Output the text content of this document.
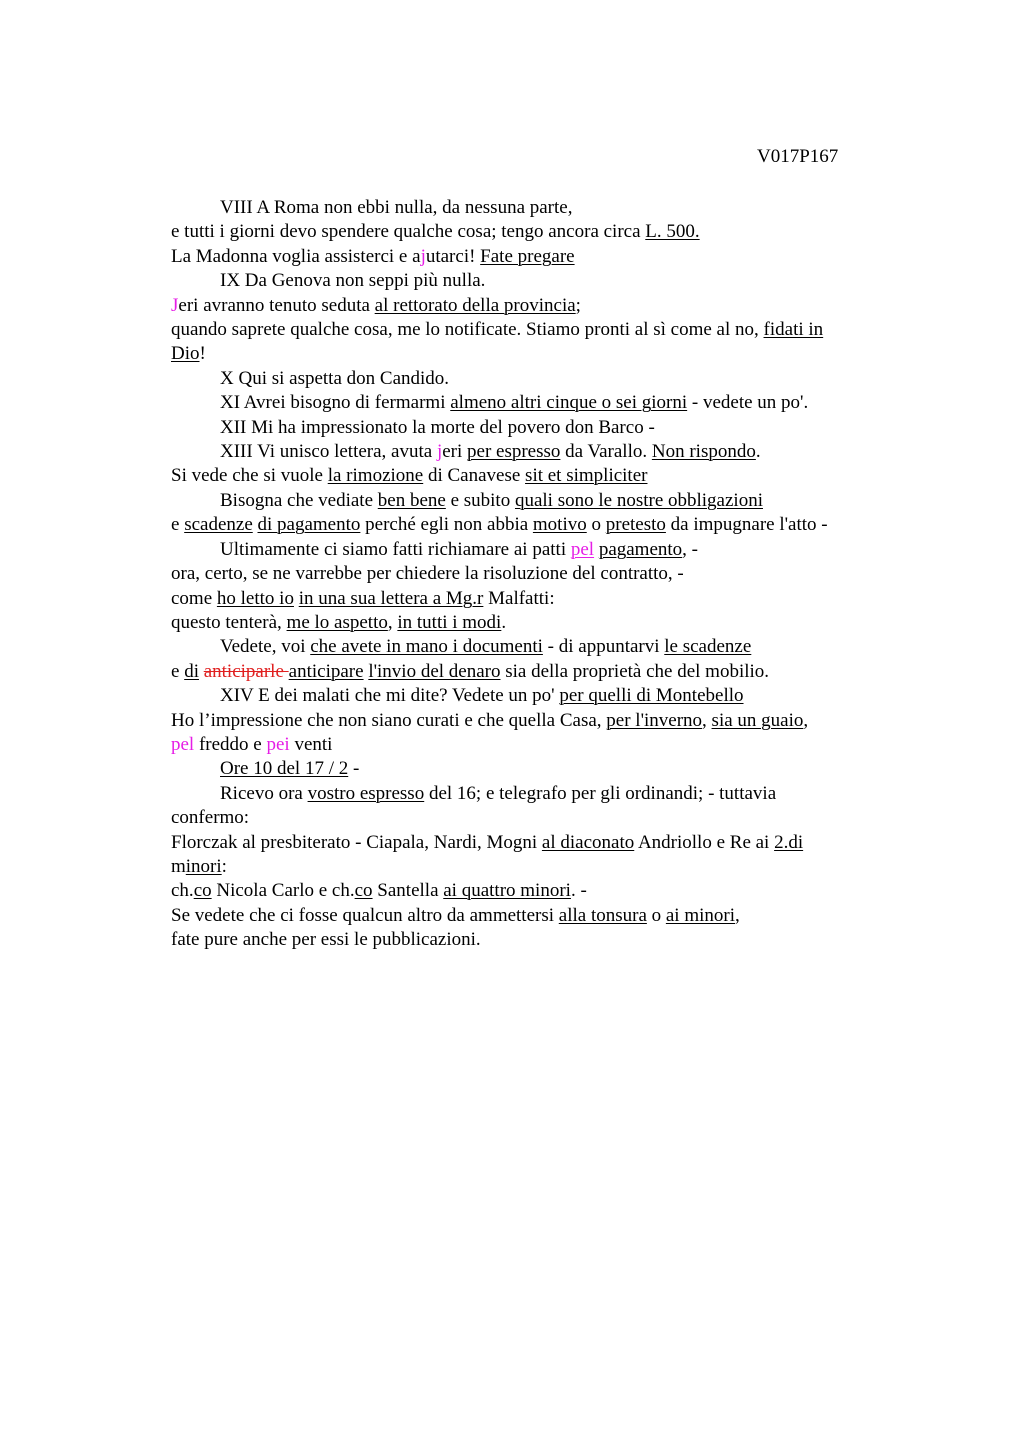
V017P167
VIII A Roma non ebbi nulla, da nessuna parte,
e tutti i giorni devo spendere qualche cosa; tengo ancora circa L. 500.
La Madonna voglia assisterci e ajutarci! Fate pregare
IX Da Genova non seppi più nulla.
Jeri avranno tenuto seduta al rettorato della provincia;
quando saprete qualche cosa, me lo notificate. Stiamo pronti al sì come al no, fidati in
Dio!
X Qui si aspetta don Candido.
XI Avrei bisogno di fermarmi almeno altri cinque o sei giorni - vedete un po'.
XII Mi ha impressionato la morte del povero don Barco -
XIII Vi unisco lettera, avuta jeri per espresso da Varallo. Non rispondo.
Si vede che si vuole la rimozione di Canavese sit et simpliciter
Bisogna che vediate ben bene e subito quali sono le nostre obbligazioni
e scadenze di pagamento perché egli non abbia motivo o pretesto da impugnare l'atto -
Ultimamente ci siamo fatti richiamare ai patti pel pagamento, -
ora, certo, se ne varrebbe per chiedere la risoluzione del contratto, -
come ho letto io in una sua lettera a Mg.r Malfatti:
questo tenterà, me lo aspetto, in tutti i modi.
Vedete, voi che avete in mano i documenti - di appuntarvi le scadenze
e di anticiparle anticipare l'invio del denaro sia della proprietà che del mobilio.
XIV E dei malati che mi dite? Vedete un po' per quelli di Montebello
Ho l’impressione che non siano curati e che quella Casa, per l'inverno, sia un guaio,
pel freddo e pei venti
Ore 10 del 17 / 2 -
Ricevo ora vostro espresso del 16; e telegrafo per gli ordinandi; - tuttavia
confermo:
Florczak al presbiterato - Ciapala, Nardi, Mogni al diaconato Andriollo e Re ai 2.di
minori:
ch.co Nicola Carlo e ch.co Santella ai quattro minori. -
Se vedete che ci fosse qualcun altro da ammettersi alla tonsura o ai minori,
fate pure anche per essi le pubblicazioni.
